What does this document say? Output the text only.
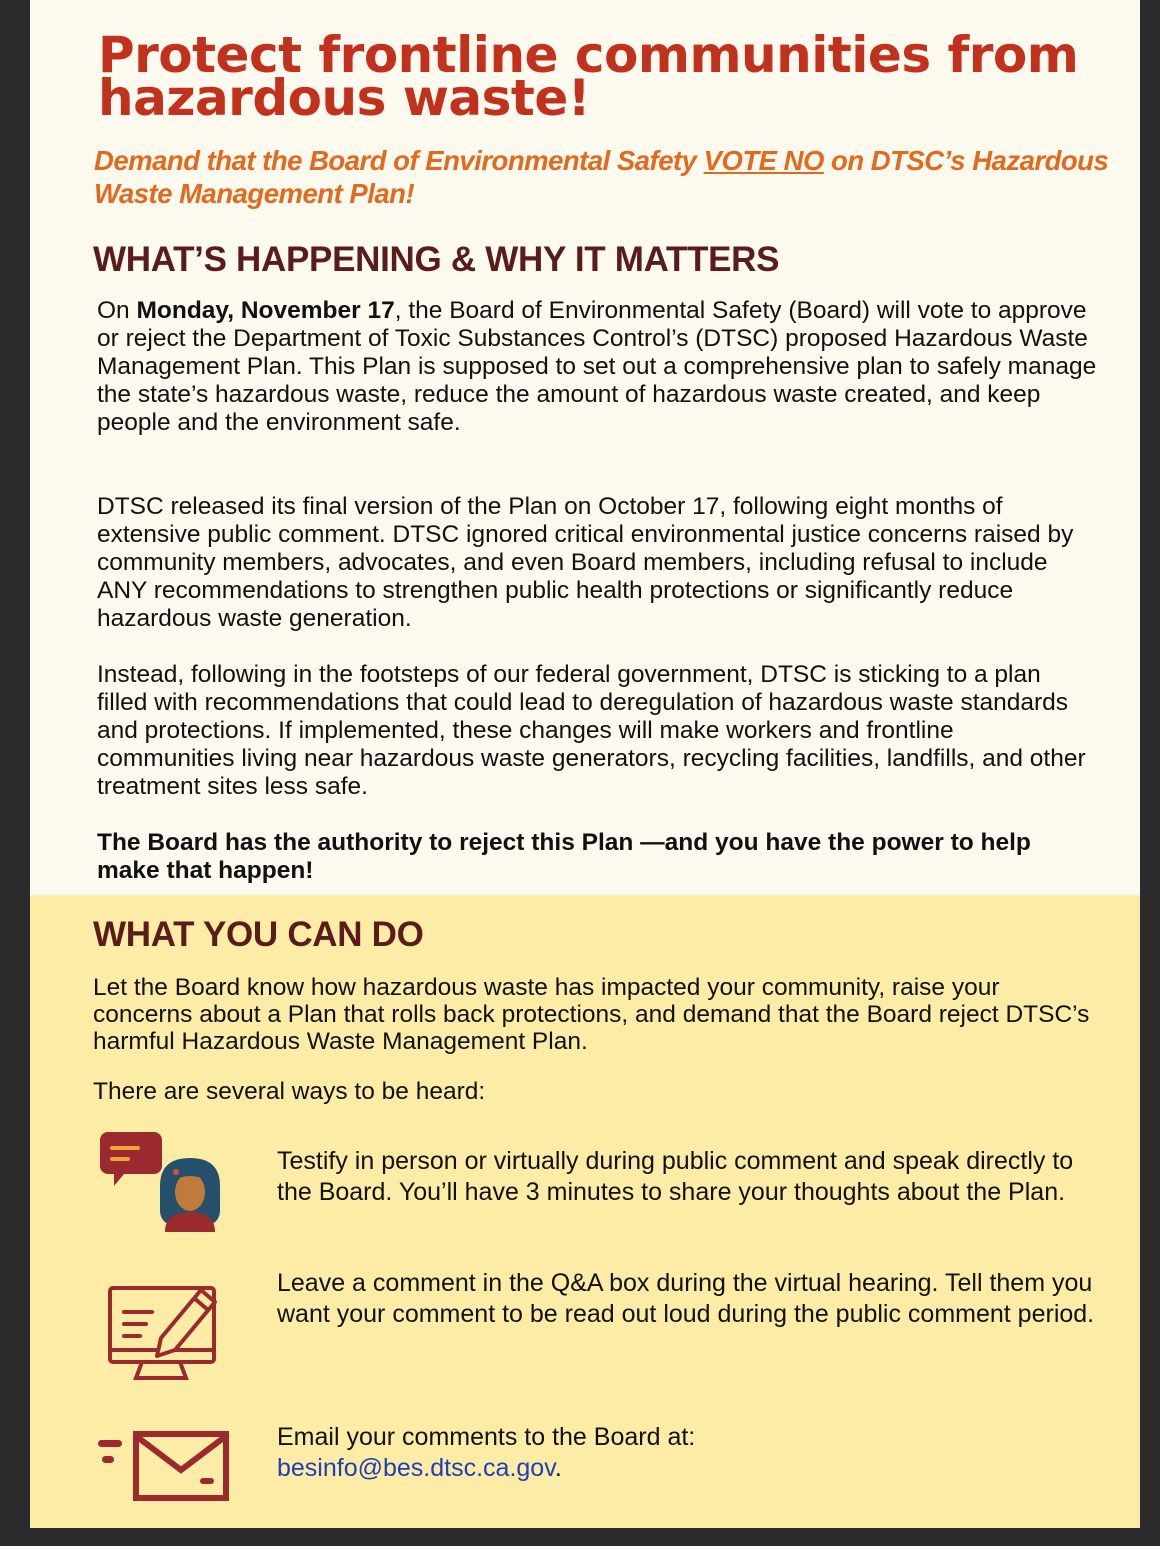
Protect frontline communities from hazardous waste!

Demand that the Board of Environmental Safety VOTE NO on DTSC’s Hazardous Waste Management Plan!

WHAT’S HAPPENING & WHY IT MATTERS

On Monday, November 17, the Board of Environmental Safety (Board) will vote to approve or reject the Department of Toxic Substances Control’s (DTSC) proposed Hazardous Waste Management Plan. This Plan is supposed to set out a comprehensive plan to safely manage the state’s hazardous waste, reduce the amount of hazardous waste created, and keep people and the environment safe.

DTSC released its final version of the Plan on October 17, following eight months of extensive public comment. DTSC ignored critical environmental justice concerns raised by community members, advocates, and even Board members, including refusal to include ANY recommendations to strengthen public health protections or significantly reduce hazardous waste generation.

Instead, following in the footsteps of our federal government, DTSC is sticking to a plan filled with recommendations that could lead to deregulation of hazardous waste standards and protections. If implemented, these changes will make workers and frontline communities living near hazardous waste generators, recycling facilities, landfills, and other treatment sites less safe.

The Board has the authority to reject this Plan —and you have the power to help make that happen!

WHAT YOU CAN DO

Let the Board know how hazardous waste has impacted your community, raise your concerns about a Plan that rolls back protections, and demand that the Board reject DTSC’s harmful Hazardous Waste Management Plan.

There are several ways to be heard:

Testify in person or virtually during public comment and speak directly to the Board. You’ll have 3 minutes to share your thoughts about the Plan.

Leave a comment in the Q&A box during the virtual hearing. Tell them you want your comment to be read out loud during the public comment period.

Email your comments to the Board at:
besinfo@bes.dtsc.ca.gov.
